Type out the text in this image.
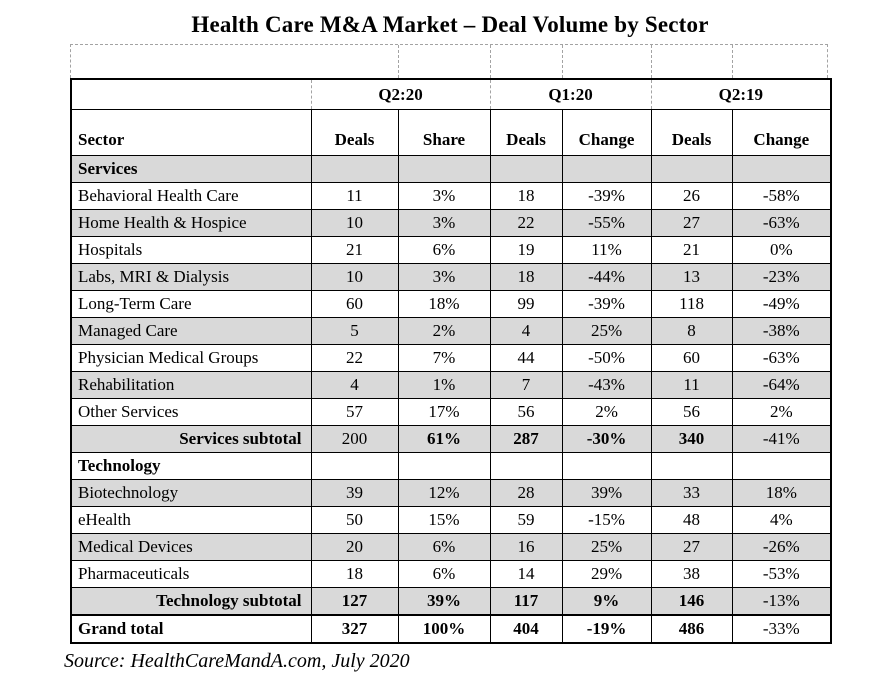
Health Care M&A Market – Deal Volume by Sector
	Q2:20		Q1:20		Q2:19	
Sector	Deals	Share	Deals	Change	Deals	Change
Services						
Behavioral Health Care	11	3%	18	-39%	26	-58%
Home Health & Hospice	10	3%	22	-55%	27	-63%
Hospitals	21	6%	19	11%	21	0%
Labs, MRI & Dialysis	10	3%	18	-44%	13	-23%
Long-Term Care	60	18%	99	-39%	118	-49%
Managed Care	5	2%	4	25%	8	-38%
Physician Medical Groups	22	7%	44	-50%	60	-63%
Rehabilitation	4	1%	7	-43%	11	-64%
Other Services	57	17%	56	2%	56	2%
Services subtotal	200	61%	287	-30%	340	-41%
Technology						
Biotechnology	39	12%	28	39%	33	18%
eHealth	50	15%	59	-15%	48	4%
Medical Devices	20	6%	16	25%	27	-26%
Pharmaceuticals	18	6%	14	29%	38	-53%
Technology subtotal	127	39%	117	9%	146	-13%
Grand total	327	100%	404	-19%	486	-33%
Source: HealthCareMandA.com, July 2020
